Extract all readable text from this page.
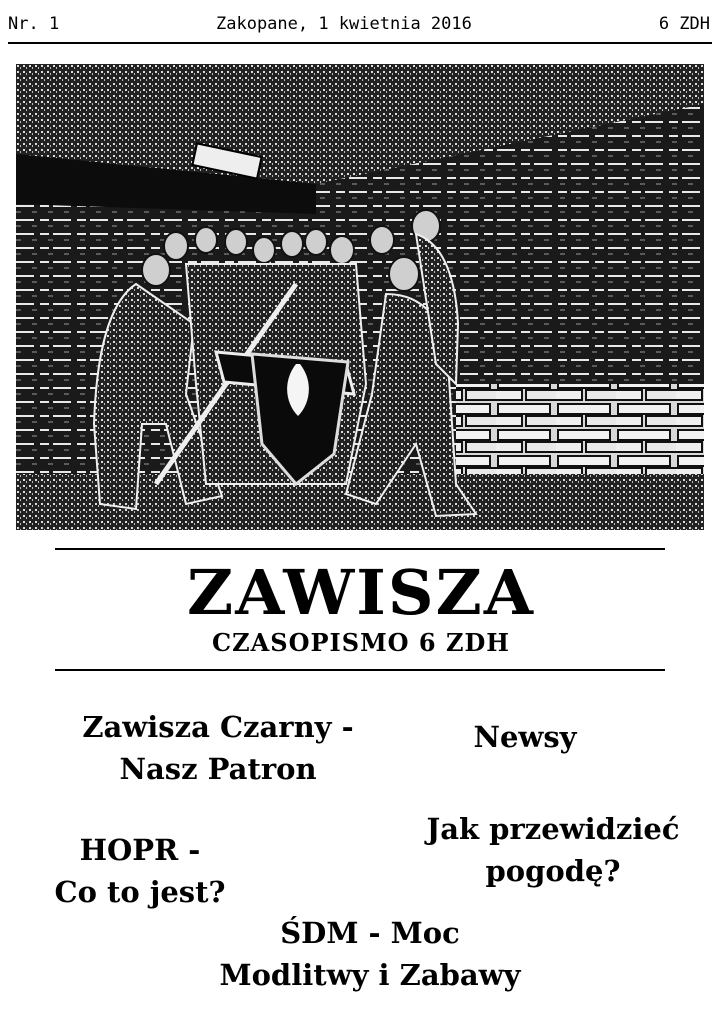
Nr. 1	Zakopane, 1 kwietnia 2016	6 ZDH
ZAWISZA
CZASOPISMO 6 ZDH
Zawisza Czarny -
Nasz Patron
Newsy
Jak przewidzieć
pogodę?
HOPR -
Co to jest?
ŚDM - Moc
Modlitwy i Zabawy
